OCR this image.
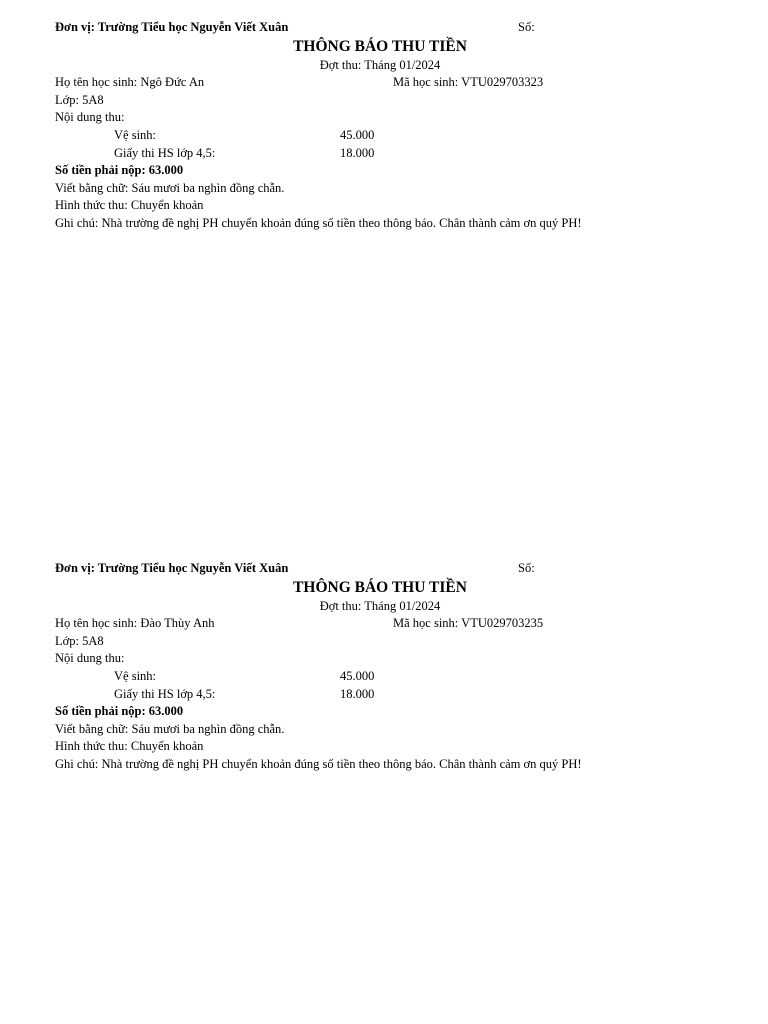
Đơn vị: Trường Tiểu học Nguyễn Viết Xuân	Số:
THÔNG BÁO THU TIỀN
Đợt thu: Tháng 01/2024
Họ tên học sinh: Ngô Đức An	Mã học sinh: VTU029703323
Lớp: 5A8
Nội dung thu:
Vệ sinh:	45.000
Giấy thi HS lớp 4,5:	18.000
Số tiền phải nộp: 63.000
Viết bằng chữ: Sáu mươi ba nghìn đồng chẵn.
Hình thức thu: Chuyển khoản
Ghi chú: Nhà trường đề nghị PH chuyển khoản đúng số tiền theo thông báo. Chân thành cảm ơn quý PH!
Đơn vị: Trường Tiểu học Nguyễn Viết Xuân	Số:
THÔNG BÁO THU TIỀN
Đợt thu: Tháng 01/2024
Họ tên học sinh: Đào Thùy Anh	Mã học sinh: VTU029703235
Lớp: 5A8
Nội dung thu:
Vệ sinh:	45.000
Giấy thi HS lớp 4,5:	18.000
Số tiền phải nộp: 63.000
Viết bằng chữ: Sáu mươi ba nghìn đồng chẵn.
Hình thức thu: Chuyển khoản
Ghi chú: Nhà trường đề nghị PH chuyển khoản đúng số tiền theo thông báo. Chân thành cảm ơn quý PH!
